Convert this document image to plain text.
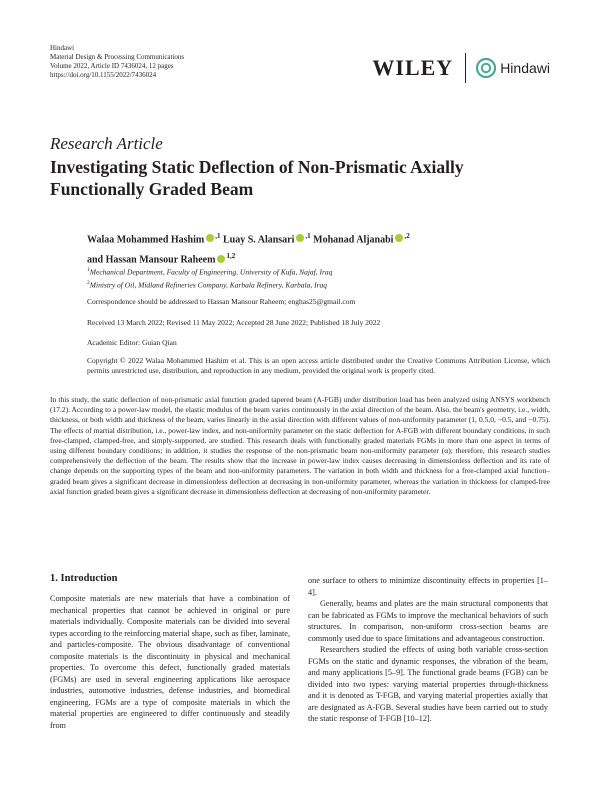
Hindawi
Material Design & Processing Communications
Volume 2022, Article ID 7436024, 12 pages
https://doi.org/10.1155/2022/7436024	WILEY	Hindawi
Research Article
Investigating Static Deflection of Non-Prismatic Axially Functionally Graded Beam
Walaa Mohammed Hashim $^{,1}$ Luay S. Alansari $^{,1}$ Mohanad Aljanabi $^{,2}$
and Hassan Mansour Raheem $^{1,2}$
$^1$Mechanical Department, Faculty of Engineering, University of Kufa, Najaf, Iraq
$^2$Ministry of Oil, Midland Refineries Company, Karbala Refinery, Karbala, Iraq
Correspondence should be addressed to Hassan Mansour Raheem; enghas25@gmail.com
Received 13 March 2022; Revised 11 May 2022; Accepted 28 June 2022; Published 18 July 2022
Academic Editor: Guian Qian
Copyright © 2022 Walaa Mohammed Hashim et al. This is an open access article distributed under the Creative Commons Attribution License, which permits unrestricted use, distribution, and reproduction in any medium, provided the original work is properly cited.
In this study, the static deflection of non-prismatic axial function graded tapered beam (A-FGB) under distribution load has been analyzed using ANSYS workbench (17.2). According to a power-law model, the elastic modulus of the beam varies continuously in the axial direction of the beam. Also, the beam's geometry, i.e., width, thickness, or both width and thickness of the beam, varies linearly in the axial direction with different values of non-uniformity parameter (1, 0.5,0, −0.5, and −0.75). The effects of martial distribution, i.e., power-law index, and non-uniformity parameter on the static deflection for A-FGB with different boundary conditions, in such free-clamped, clamped-free, and simply-supported, are studied. This research deals with functionally graded materials FGMs in more than one aspect in terms of using different boundary conditions; in addition, it studies the response of the non-prismatic beam non-uniformity parameter (α); therefore, this research studies comprehensively the deflection of the beam. The results show that the increase in power-law index causes decreasing in dimensionless deflection and its rate of change depends on the supporting types of the beam and non-uniformity parameters. The variation in both width and thickness for a free-clamped axial function–graded beam gives a significant decrease in dimensionless deflection at decreasing in non-uniformity parameter, whereas the variation in thickness for clamped-free axial function graded beam gives a significant decrease in dimensionless deflection at decreasing of non-uniformity parameter.
1. Introduction

Composite materials are new materials that have a combination of mechanical properties that cannot be achieved in original or pure materials individually. Composite materials can be divided into several types according to the reinforcing material shape, such as fiber, laminate, and particles-composite. The obvious disadvantage of conventional composite materials is the discontinuity in physical and mechanical properties. To overcome this defect, functionally graded materials (FGMs) are used in several engineering applications like aerospace industries, automotive industries, defense industries, and biomedical engineering. FGMs are a type of composite materials in which the material properties are engineered to differ continuously and steadily from

one surface to others to minimize discontinuity effects in properties [1–4].

Generally, beams and plates are the main structural components that can be fabricated as FGMs to improve the mechanical behaviors of such structures. In comparison, non-uniform cross-section beams are commonly used due to space limitations and advantageous construction.

Researchers studied the effects of using both variable cross-section FGMs on the static and dynamic responses, the vibration of the beam, and many applications [5–9]. The functional grade beams (FGB) can be divided into two types: varying material properties through-thickness and it is denoted as T-FGB, and varying material properties axially that are designated as A-FGB. Several studies have been carried out to study the static response of T-FGB [10–12].
